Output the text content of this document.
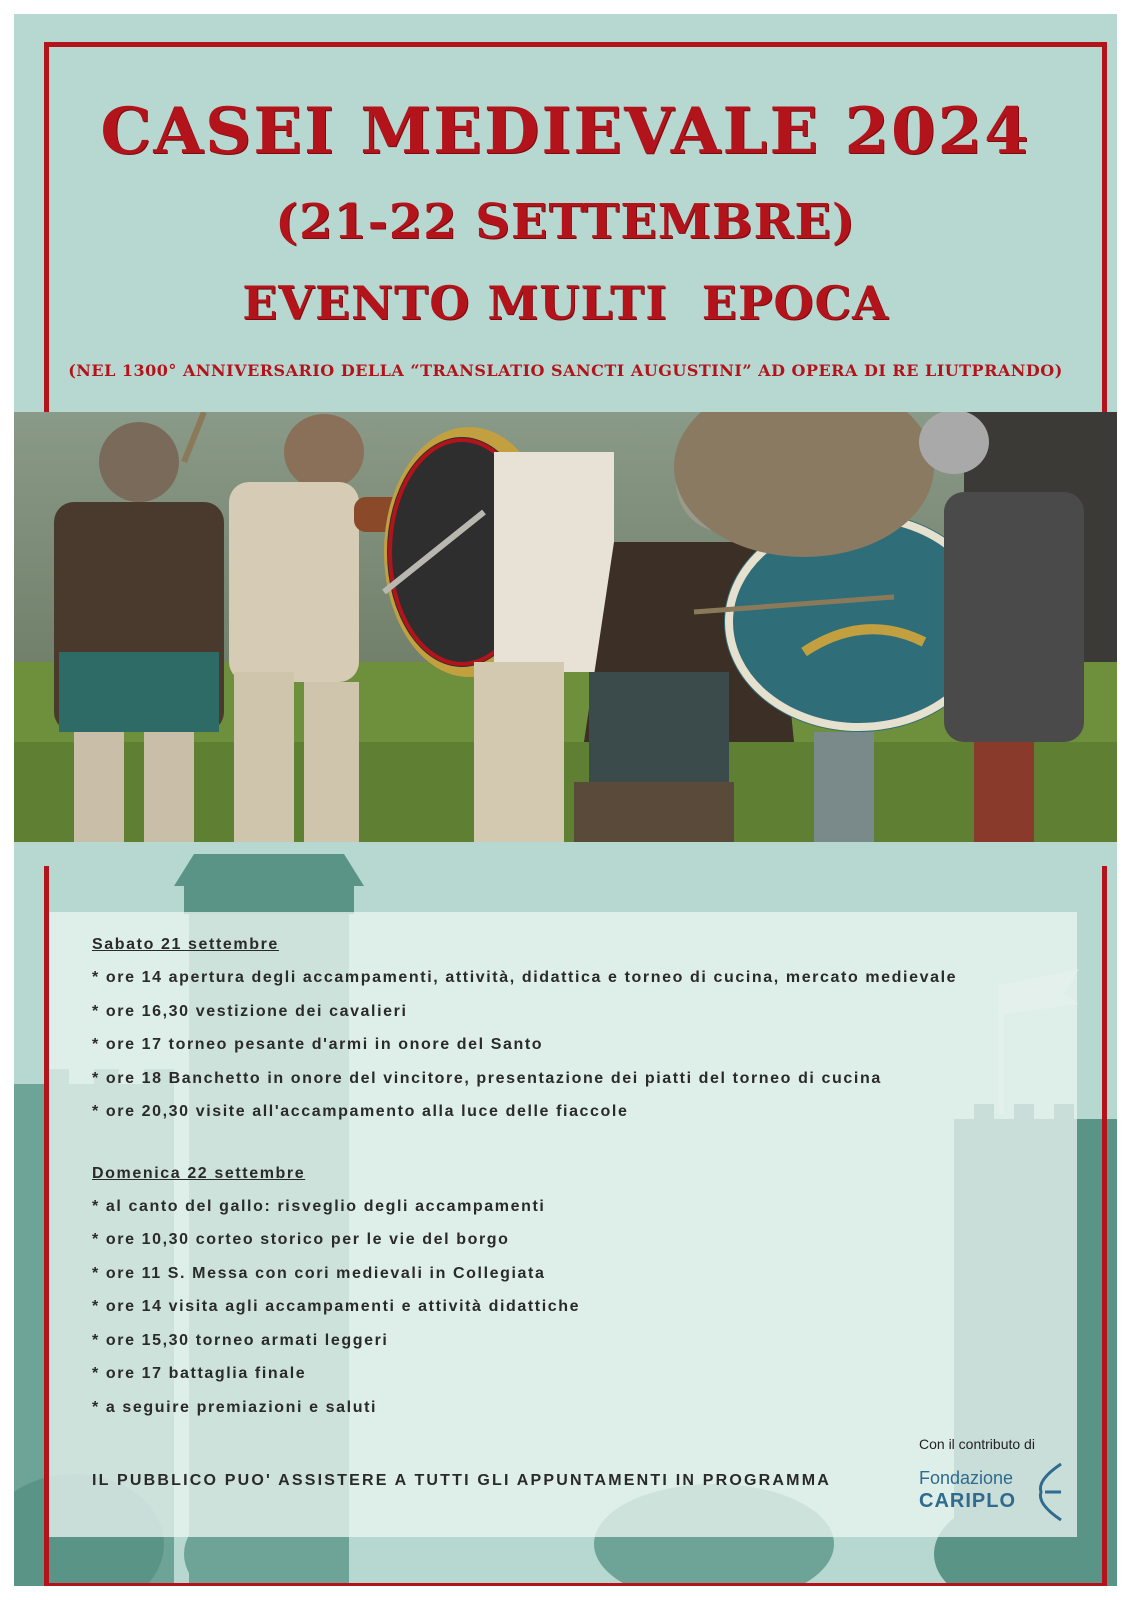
CASEI MEDIEVALE 2024
(21-22 SETTEMBRE)
EVENTO MULTI  EPOCA
(NEL 1300° ANNIVERSARIO DELLA “TRANSLATIO SANCTI AUGUSTINI” AD OPERA DI RE LIUTPRANDO)
Sabato 21 settembre
* ore 14 apertura degli accampamenti, attività, didattica e torneo di cucina, mercato medievale
* ore 16,30 vestizione dei cavalieri
* ore 17 torneo pesante d'armi in onore del Santo
* ore 18 Banchetto in onore del vincitore, presentazione dei piatti del torneo di cucina
* ore 20,30 visite all'accampamento alla luce delle fiaccole
Domenica 22 settembre
* al canto del gallo: risveglio degli accampamenti
* ore 10,30 corteo storico per le vie del borgo
* ore 11 S. Messa con cori medievali in Collegiata
* ore 14 visita agli accampamenti e attività didattiche
* ore 15,30 torneo armati leggeri
* ore 17 battaglia finale
* a seguire premiazioni e saluti
IL PUBBLICO PUO' ASSISTERE A TUTTI GLI APPUNTAMENTI IN PROGRAMMA
Con il contributo di
Fondazione
CARIPLO
